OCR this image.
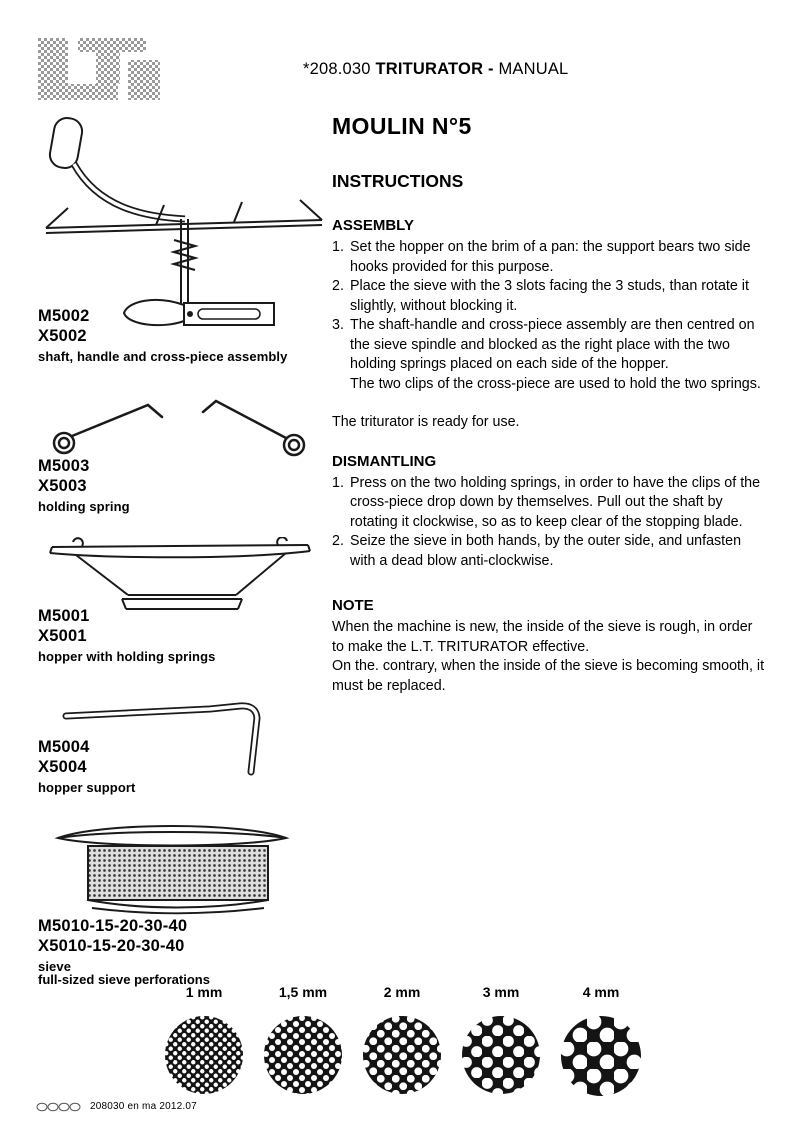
*208.030 TRITURATOR - MANUAL
M5002
X5002
shaft, handle and cross-piece assembly
M5003
X5003
holding spring
M5001
X5001
hopper with holding springs
M5004
X5004
hopper support
M5010-15-20-30-40
X5010-15-20-30-40
sieve
full-sized sieve perforations
1 mm	1,5 mm	2 mm	3 mm	4 mm
MOULIN N°5
INSTRUCTIONS
ASSEMBLY
1. Set the hopper on the brim of a pan: the support bears two side hooks provided for this purpose.
2. Place the sieve with the 3 slots facing the 3 studs, than rotate it slightly, without blocking it.
3. The shaft-handle and cross-piece assembly are then centred on the sieve spindle and blocked as the right place with the two holding springs placed on each side of the hopper.
The two clips of the cross-piece are used to hold the two springs.
The triturator is ready for use.
DISMANTLING
1. Press on the two holding springs, in order to have the clips of the cross-piece drop down by themselves. Pull out the shaft by rotating it clockwise, so as to keep clear of the stopping blade.
2. Seize the sieve in both hands, by the outer side, and unfasten with a dead blow anti-clockwise.
NOTE
When the machine is new, the inside of the sieve is rough, in order to make the L.T. TRITURATOR effective.
On the. contrary, when the inside of the sieve is becoming smooth, it must be replaced.
208030 en ma 2012.07
